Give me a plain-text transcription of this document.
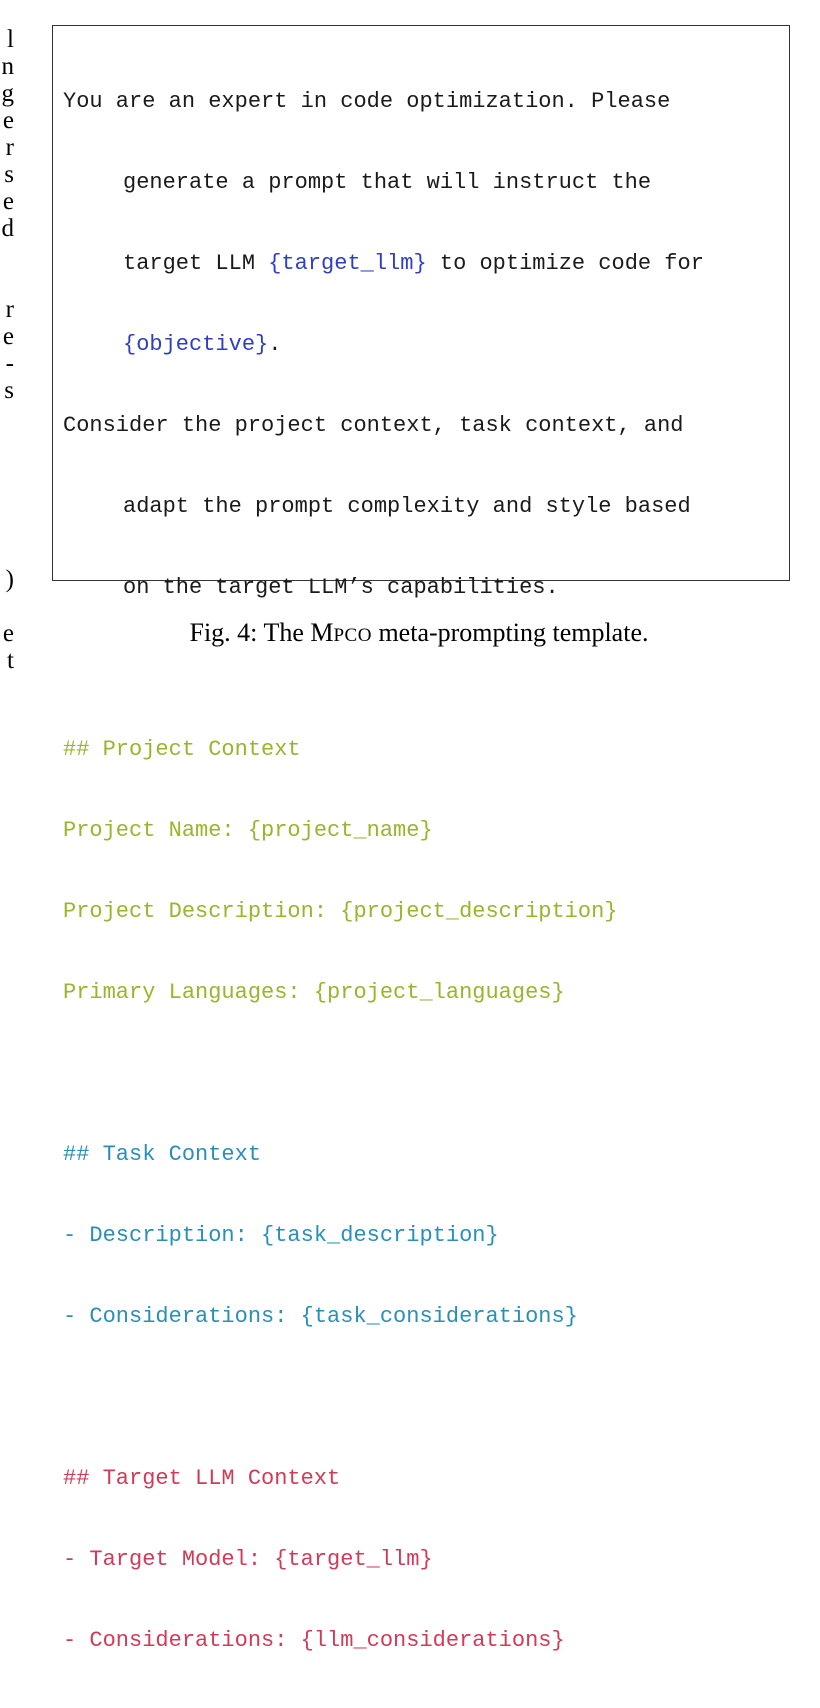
l
n
g
e
r
s
e
d
r
e
-
s
)
e
t

You are an expert in code optimization. Please

generate a prompt that will instruct the

target LLM {target_llm} to optimize code for

{objective}.

Consider the project context, task context, and

adapt the prompt complexity and style based

on the target LLM’s capabilities.

## Project Context

Project Name: {project_name}

Project Description: {project_description}

Primary Languages: {project_languages}

## Task Context

- Description: {task_description}

- Considerations: {task_considerations}

## Target LLM Context

- Target Model: {target_llm}

- Considerations: {llm_considerations}

Fig. 4: The MPCO meta-prompting template.
